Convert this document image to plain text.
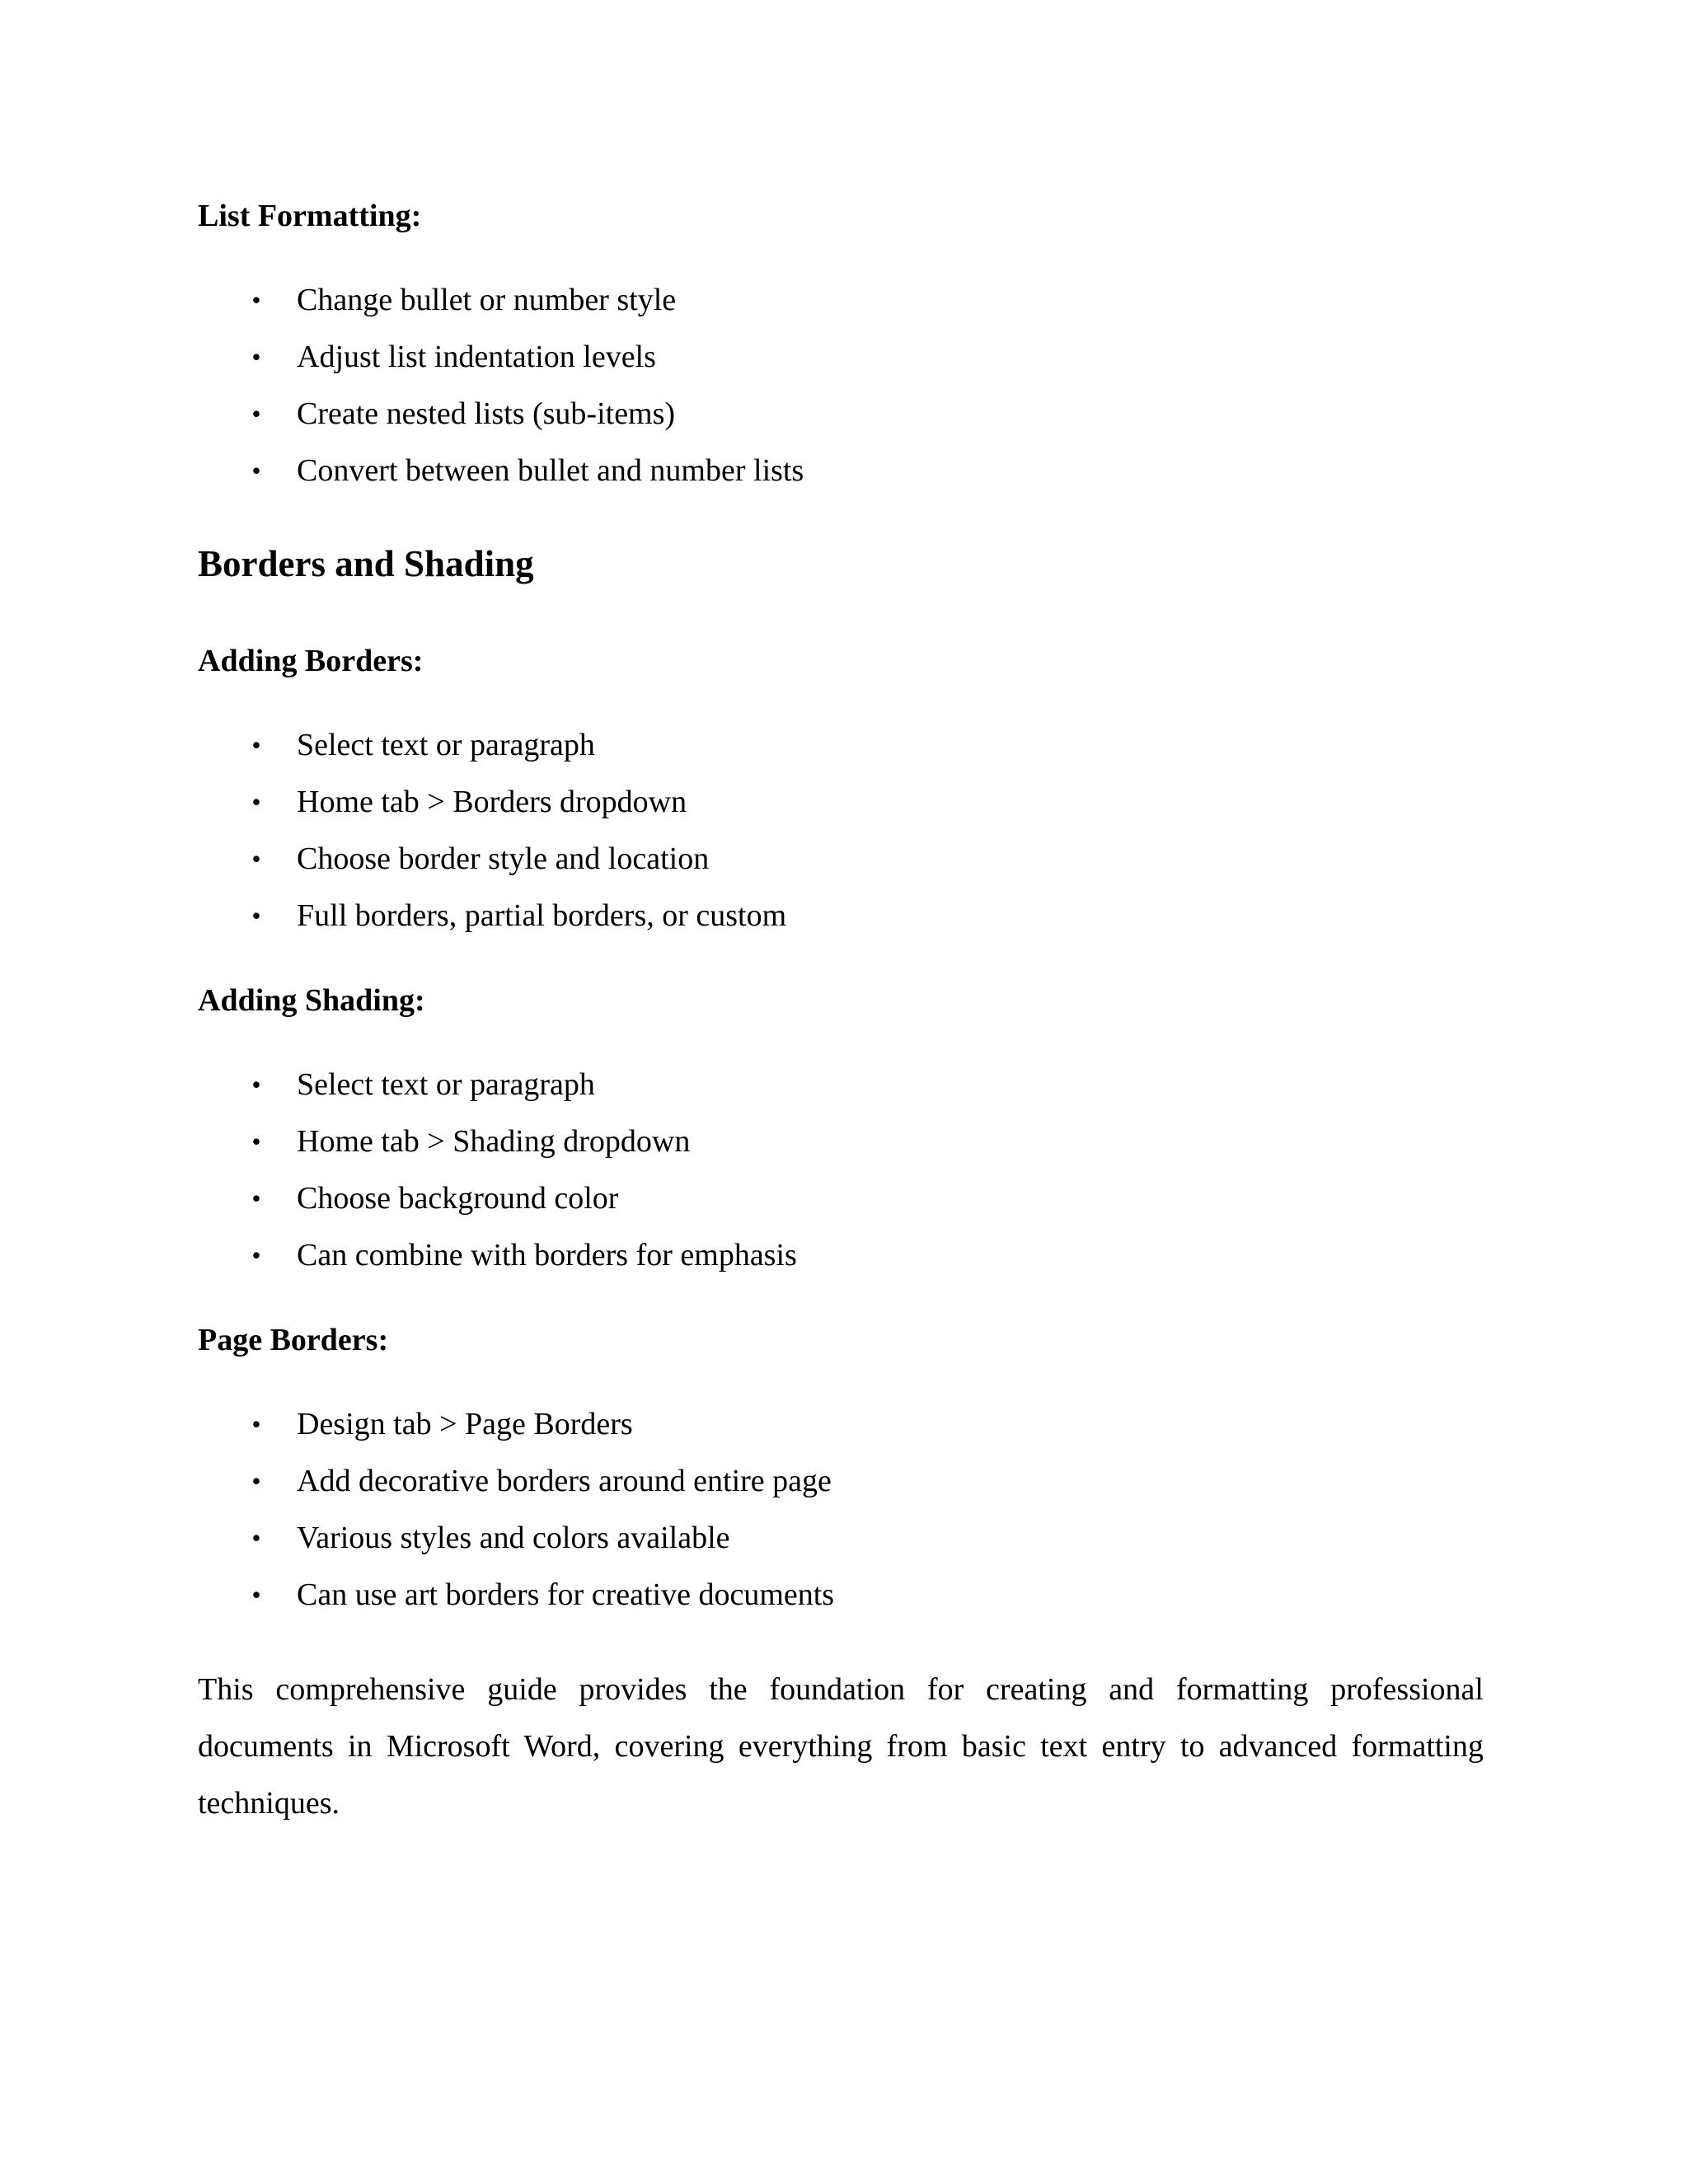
List Formatting:

• Change bullet or number style
• Adjust list indentation levels
• Create nested lists (sub-items)
• Convert between bullet and number lists
Borders and Shading

Adding Borders:

• Select text or paragraph
• Home tab > Borders dropdown
• Choose border style and location
• Full borders, partial borders, or custom

Adding Shading:

• Select text or paragraph
• Home tab > Shading dropdown
• Choose background color
• Can combine with borders for emphasis

Page Borders:

• Design tab > Page Borders
• Add decorative borders around entire page
• Various styles and colors available
• Can use art borders for creative documents

This comprehensive guide provides the foundation for creating and formatting professional documents in Microsoft Word, covering everything from basic text entry to advanced formatting techniques.
